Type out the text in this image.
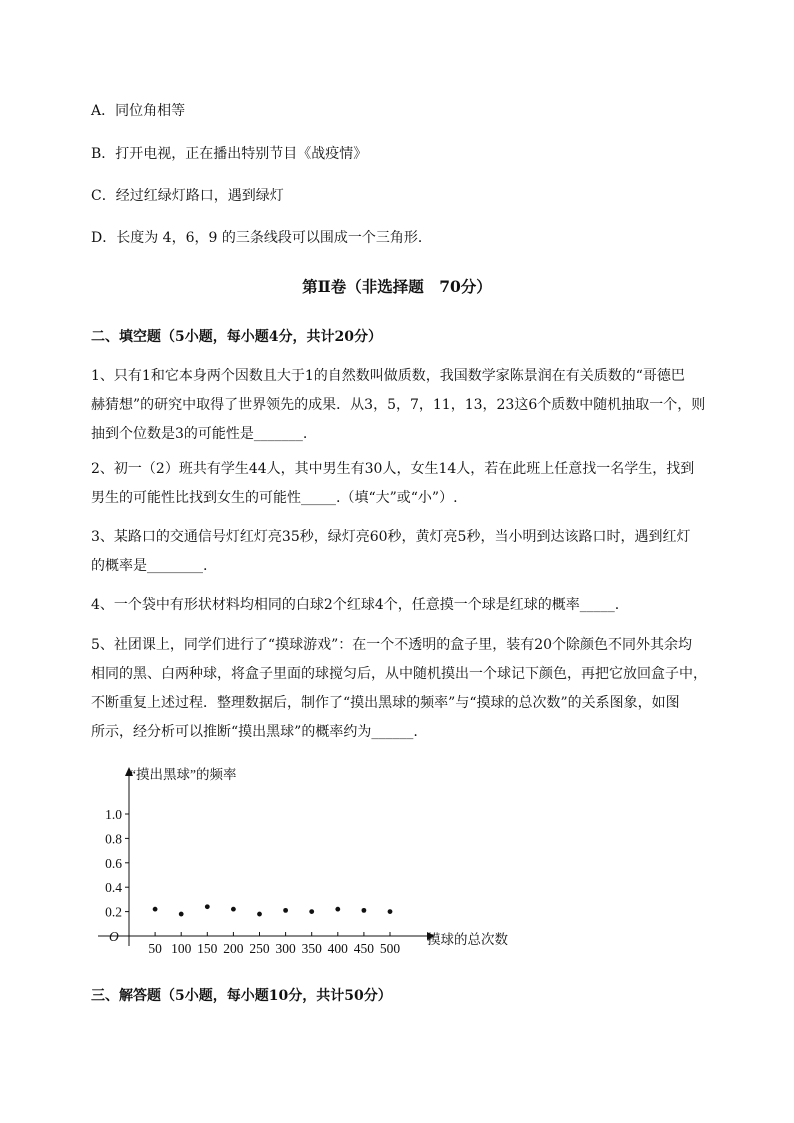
A．同位角相等
B．打开电视，正在播出特别节目《战疫情》
C．经过红绿灯路口，遇到绿灯
D．长度为 4，6，9 的三条线段可以围成一个三角形．
第Ⅱ卷（非选择题　70分）
二、填空题（5小题，每小题4分，共计20分）
1、只有1和它本身两个因数且大于1的自然数叫做质数，我国数学家陈景润在有关质数的“哥德巴
赫猜想”的研究中取得了世界领先的成果．从3，5，7，11，13，23这6个质数中随机抽取一个，则
抽到个位数是3的可能性是_______.
2、初一（2）班共有学生44人，其中男生有30人，女生14人，若在此班上任意找一名学生，找到
男生的可能性比找到女生的可能性_____.（填“大”或“小”）.
3、某路口的交通信号灯红灯亮35秒，绿灯亮60秒，黄灯亮5秒，当小明到达该路口时，遇到红灯
的概率是________.
4、一个袋中有形状材料均相同的白球2个红球4个，任意摸一个球是红球的概率_____.
5、社团课上，同学们进行了“摸球游戏”：在一个不透明的盒子里，装有20个除颜色不同外其余均
相同的黑、白两种球，将盒子里面的球搅匀后，从中随机摸出一个球记下颜色，再把它放回盒子中，
不断重复上述过程．整理数据后，制作了“摸出黑球的频率”与“摸球的总次数”的关系图象，如图
所示，经分析可以推断“摸出黑球”的概率约为______.
0.2
0.4
0.6
0.8
1.0
50 100 150 200 250 300 350 400 450 500
“摸出黑球”的频率
摸球的总次数
O
三、解答题（5小题，每小题10分，共计50分）
